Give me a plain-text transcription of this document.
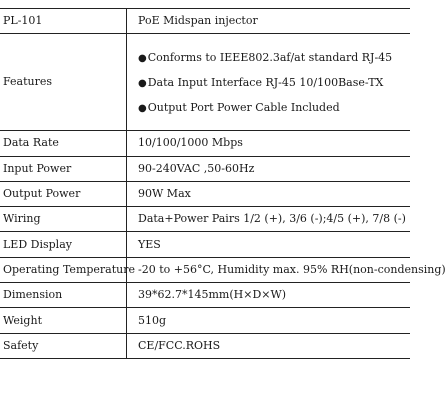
PL-101	PoE Midspan injector
Features	●Conforms to IEEE802.3af/at standard RJ-45
●Data Input Interface RJ-45 10/100Base-TX
●Output Port Power Cable Included

Data Rate	10/100/1000 Mbps
Input Power	90-240VAC ,50-60Hz
Output Power	90W Max
Wiring	Data+Power Pairs 1/2 (+), 3/6 (-);4/5 (+), 7/8 (-)
LED Display	YES
Operating Temperature	-20 to +56°C, Humidity max. 95% RH(non-condensing)
Dimension	39*62.7*145mm(H×D×W)
Weight	510g
Safety	CE/FCC.ROHS
